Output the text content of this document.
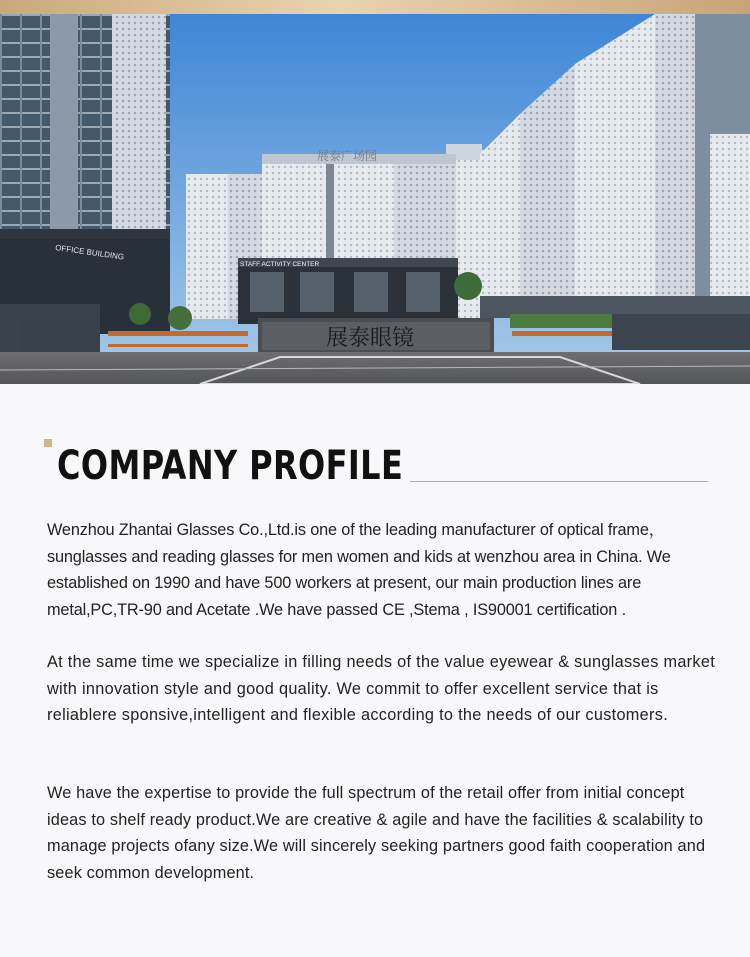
OFFICE BUILDING
展泰广场园
STAFF ACTIVITY CENTER
展泰眼镜
COMPANY PROFILE

Wenzhou Zhantai Glasses Co.,Ltd.is one of the leading manufacturer of optical frame，sunglasses and reading glasses for men women and kids at wenzhou area in China. We established on 1990 and have 500 workers at present, our main production lines are metal,PC,TR-90 and Acetate .We have passed CE ,Stema , IS90001 certification .

At the same time we specialize in filling needs of the value eyewear & sunglasses market with innovation style and good quality. We commit to offer excellent service that is reliablere sponsive,intelligent and flexible according to the needs of our customers.

We have the expertise to provide the full spectrum of the retail offer from initial concept ideas to shelf ready product.We are creative & agile and have the facilities & scalability to manage projects ofany size.We will sincerely seeking partners good faith cooperation and seek common development.
